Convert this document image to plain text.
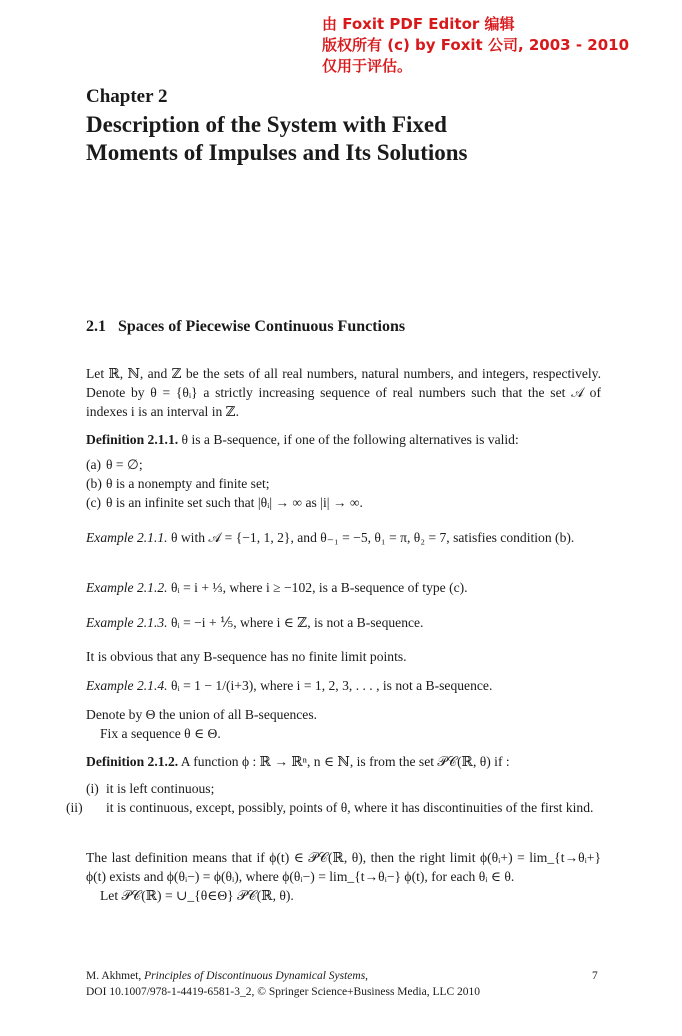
由 Foxit PDF Editor 编辑
版权所有 (c) by Foxit 公司, 2003 - 2010
仅用于评估。
Chapter 2
Description of the System with Fixed
Moments of Impulses and Its Solutions
2.1 Spaces of Piecewise Continuous Functions
Let ℝ, ℕ, and ℤ be the sets of all real numbers, natural numbers, and integers, respectively. Denote by θ = {θᵢ} a strictly increasing sequence of real numbers such that the set 𝒜 of indexes i is an interval in ℤ.
Definition 2.1.1. θ is a B-sequence, if one of the following alternatives is valid:
(a) θ = ∅;
(b) θ is a nonempty and finite set;
(c) θ is an infinite set such that |θᵢ| → ∞ as |i| → ∞.
Example 2.1.1. θ with 𝒜 = {−1, 1, 2}, and θ₋₁ = −5, θ₁ = π, θ₂ = 7, satisfies condition (b).
Example 2.1.2. θᵢ = i + ⅓, where i ≥ −102, is a B-sequence of type (c).
Example 2.1.3. θᵢ = −i + ⅕, where i ∈ ℤ, is not a B-sequence.
It is obvious that any B-sequence has no finite limit points.
Example 2.1.4. θᵢ = 1 − 1/(i+3), where i = 1, 2, 3, . . . , is not a B-sequence.
Denote by Θ the union of all B-sequences.
Fix a sequence θ ∈ Θ.
Definition 2.1.2. A function ϕ : ℝ → ℝⁿ, n ∈ ℕ, is from the set 𝒫𝒞(ℝ, θ) if :
(i) it is left continuous;
(ii) it is continuous, except, possibly, points of θ, where it has discontinuities of the first kind.
The last definition means that if ϕ(t) ∈ 𝒫𝒞(ℝ, θ), then the right limit ϕ(θᵢ+) = lim_{t→θᵢ+} ϕ(t) exists and ϕ(θᵢ−) = ϕ(θᵢ), where ϕ(θᵢ−) = lim_{t→θᵢ−} ϕ(t), for each θᵢ ∈ θ.
Let 𝒫𝒞(ℝ) = ∪_{θ∈Θ} 𝒫𝒞(ℝ, θ).
M. Akhmet, Principles of Discontinuous Dynamical Systems,
DOI 10.1007/978-1-4419-6581-3_2, © Springer Science+Business Media, LLC 2010
7
